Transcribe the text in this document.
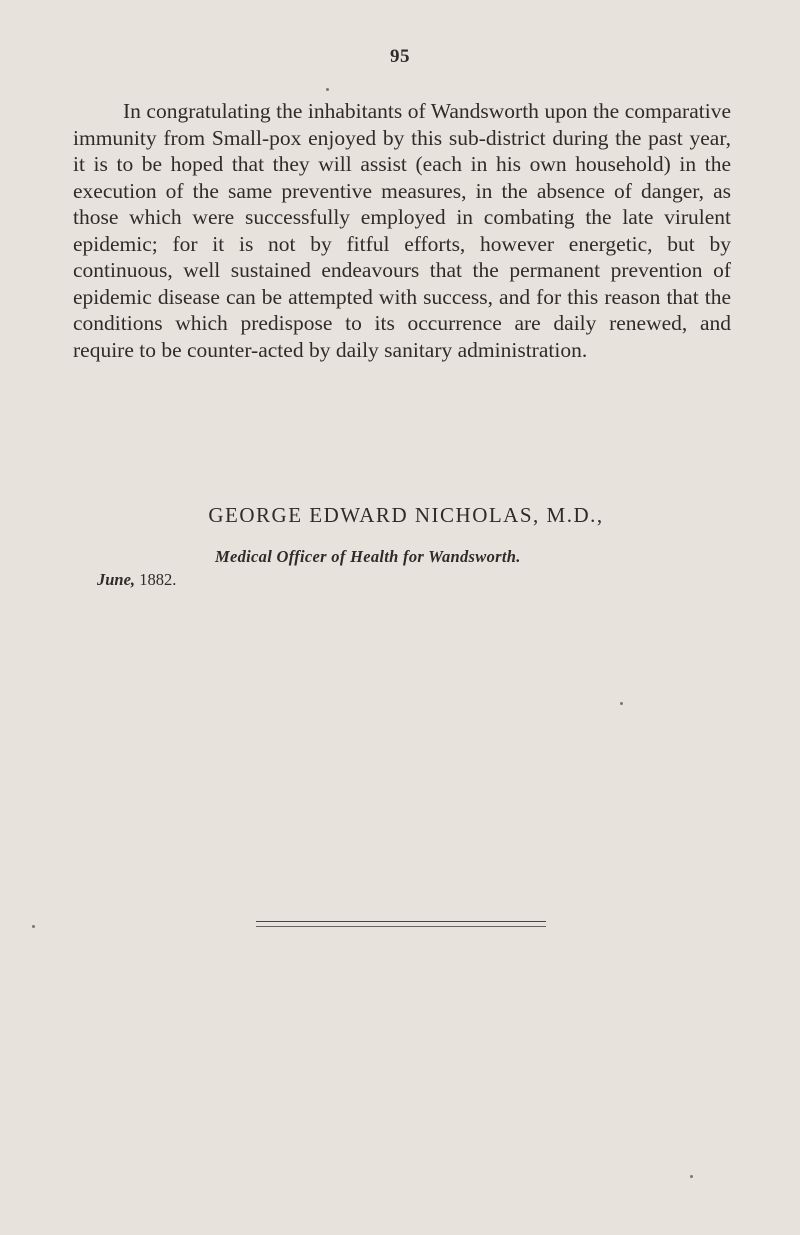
95

In congratulating the inhabitants of Wandsworth upon the comparative immunity from Small-pox enjoyed by this sub-district during the past year, it is to be hoped that they will assist (each in his own household) in the execution of the same preventive measures, in the absence of danger, as those which were successfully employed in combating the late virulent epidemic; for it is not by fitful efforts, however energetic, but by continuous, well sustained endeavours that the permanent prevention of epidemic disease can be attempted with success, and for this reason that the conditions which predispose to its occurrence are daily renewed, and require to be counter-acted by daily sanitary administration.

GEORGE EDWARD NICHOLAS, M.D.,
Medical Officer of Health for Wandsworth.
June, 1882.
